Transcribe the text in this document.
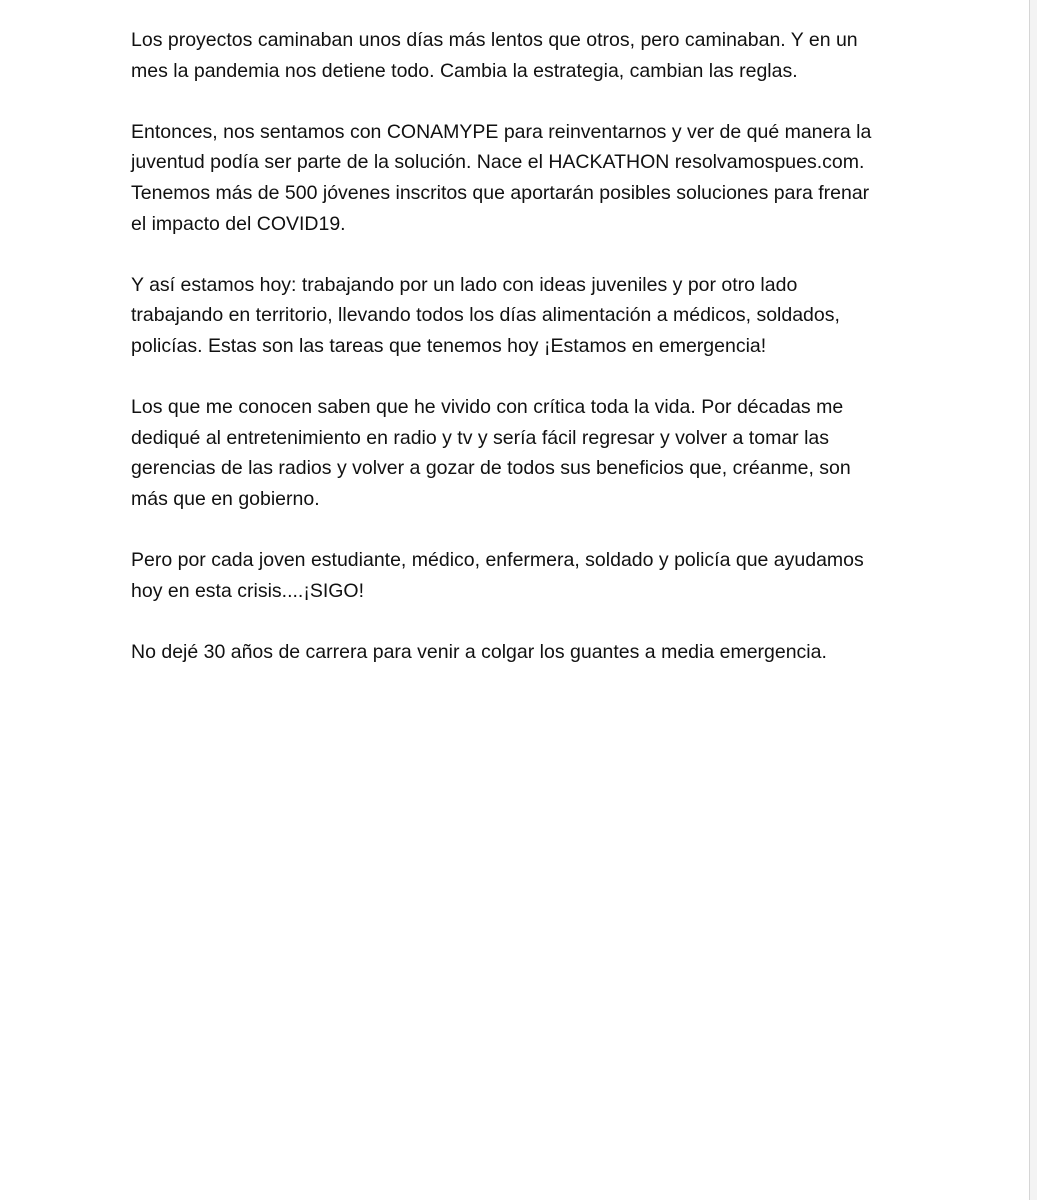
Los proyectos caminaban unos días más lentos que otros, pero caminaban. Y en un
mes la pandemia nos detiene todo. Cambia la estrategia, cambian las reglas.

Entonces, nos sentamos con CONAMYPE para reinventarnos y ver de qué manera la
juventud podía ser parte de la solución. Nace el HACKATHON resolvamospues.com.
Tenemos más de 500 jóvenes inscritos que aportarán posibles soluciones para frenar
el impacto del COVID19.

Y así estamos hoy: trabajando por un lado con ideas juveniles y por otro lado
trabajando en territorio, llevando todos los días alimentación a médicos, soldados,
policías. Estas son las tareas que tenemos hoy ¡Estamos en emergencia!

Los que me conocen saben que he vivido con crítica toda la vida. Por décadas me
dediqué al entretenimiento en radio y tv y sería fácil regresar y volver a tomar las
gerencias de las radios y volver a gozar de todos sus beneficios que, créanme, son
más que en gobierno.

Pero por cada joven estudiante, médico, enfermera, soldado y policía que ayudamos
hoy en esta crisis....¡SIGO!

No dejé 30 años de carrera para venir a colgar los guantes a media emergencia.
